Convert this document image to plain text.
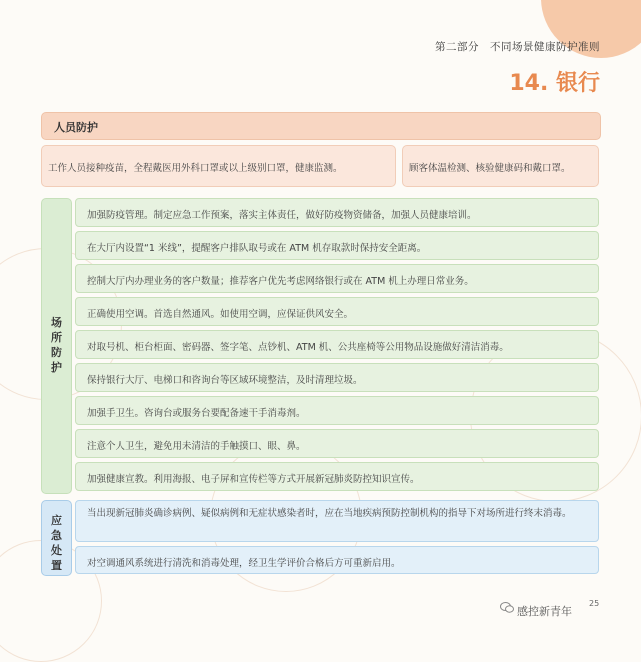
第二部分　不同场景健康防护准则
14. 银行
人员防护
工作人员接种疫苗，全程戴医用外科口罩或以上级别口罩，健康监测。	顾客体温检测、核验健康码和戴口罩。
场
所
防
护
加强防疫管理。制定应急工作预案，落实主体责任，做好防疫物资储备，加强人员健康培训。
在大厅内设置“1 米线”，提醒客户排队取号或在 ATM 机存取款时保持安全距离。
控制大厅内办理业务的客户数量；推荐客户优先考虑网络银行或在 ATM 机上办理日常业务。
正确使用空调。首选自然通风。如使用空调，应保证供风安全。
对取号机、柜台柜面、密码器、签字笔、点钞机、ATM 机、公共座椅等公用物品设施做好清洁消毒。
保持银行大厅、电梯口和咨询台等区域环境整洁，及时清理垃圾。
加强手卫生。咨询台或服务台要配备速干手消毒剂。
注意个人卫生，避免用未清洁的手触摸口、眼、鼻。
加强健康宣教。利用海报、电子屏和宣传栏等方式开展新冠肺炎防控知识宣传。
应
急
处
置
当出现新冠肺炎确诊病例、疑似病例和无症状感染者时，应在当地疾病预防控制机构的指导下对场所进行终末消毒。
对空调通风系统进行清洗和消毒处理，经卫生学评价合格后方可重新启用。
25
感控新青年
